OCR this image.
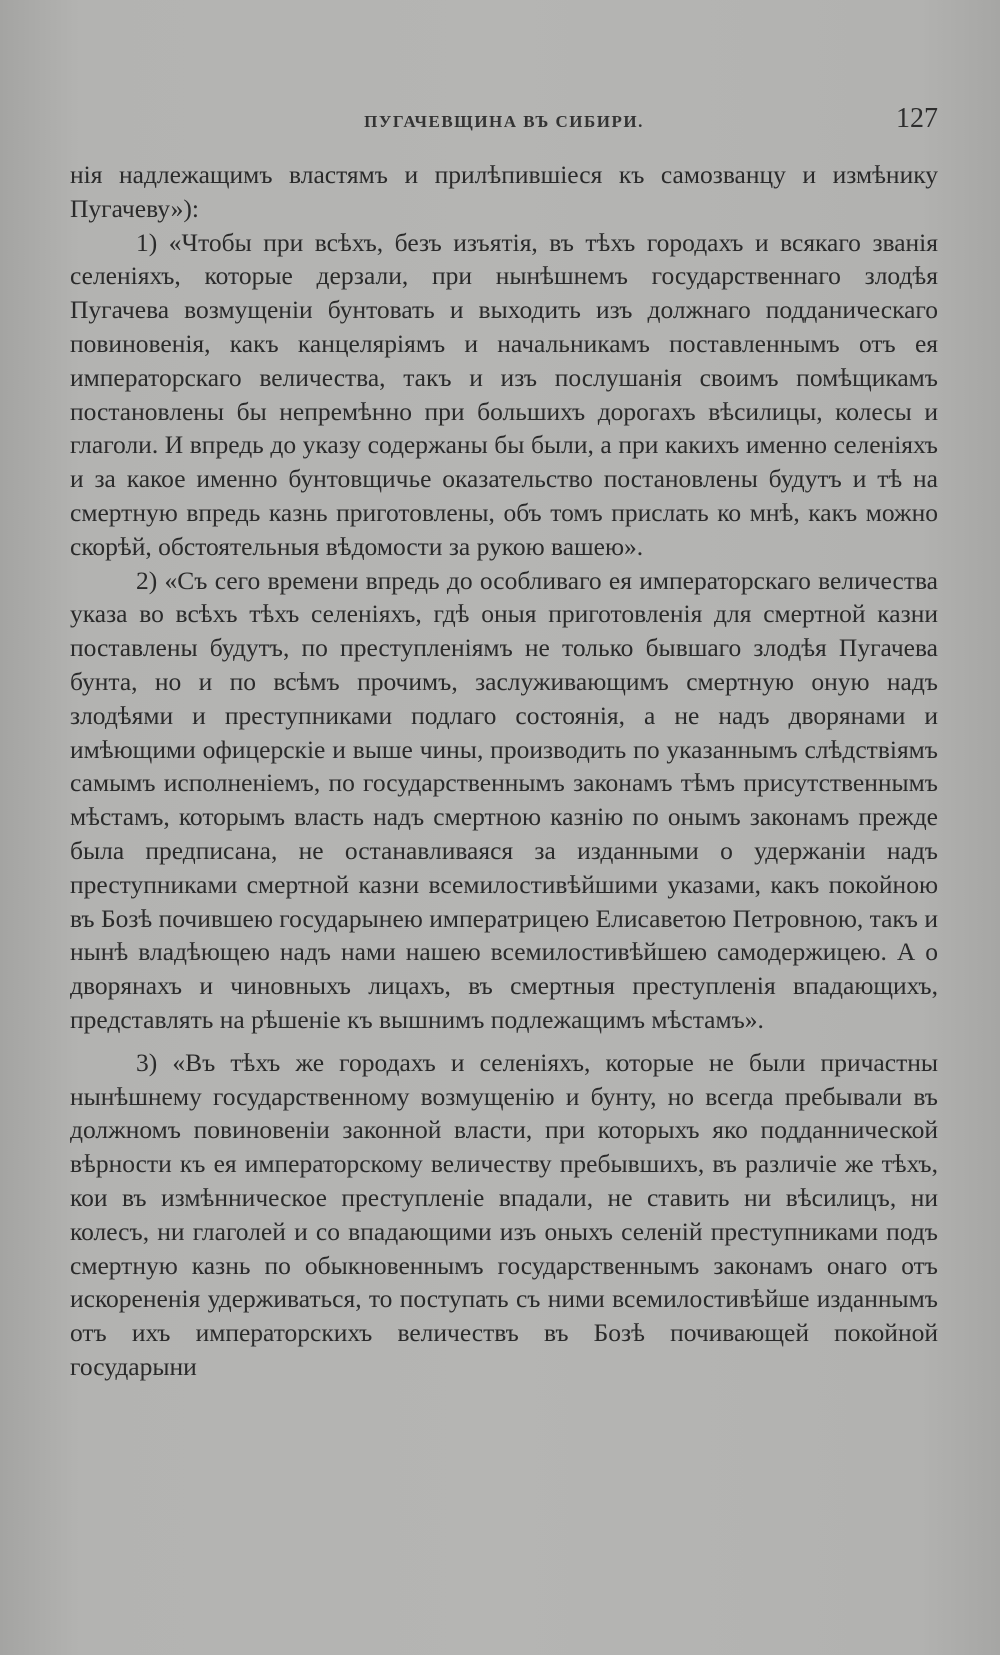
ПУГАЧЕВЩИНА ВЪ СИБИРИ.	127

нія надлежащимъ властямъ и прилѣпившіеся къ самозванцу и измѣнику Пугачеву»):

1) «Чтобы при всѣхъ, безъ изъятія, въ тѣхъ городахъ и всякаго званія селеніяхъ, которые дерзали, при нынѣшнемъ государственнаго злодѣя Пугачева возмущеніи бунтовать и выходить изъ должнаго подданическаго повиновенія, какъ канцеляріямъ и начальникамъ поставленнымъ отъ ея императорскаго величества, такъ и изъ послушанія своимъ помѣщикамъ постановлены бы непремѣнно при большихъ дорогахъ вѣсилицы, колесы и глаголи. И впредь до указу содержаны бы были, а при какихъ именно селеніяхъ и за какое именно бунтовщичье оказательство постановлены будутъ и тѣ на смертную впредь казнь приготовлены, объ томъ прислать ко мнѣ, какъ можно скорѣй, обстоятельныя вѣдомости за рукою вашею».

2) «Съ сего времени впредь до особливаго ея императорскаго величества указа во всѣхъ тѣхъ селеніяхъ, гдѣ оныя приготовленія для смертной казни поставлены будутъ, по преступленіямъ не только бывшаго злодѣя Пугачева бунта, но и по всѣмъ прочимъ, заслуживающимъ смертную оную надъ злодѣями и преступниками подлаго состоянія, а не надъ дворянами и имѣющими офицерскіе и выше чины, производить по указаннымъ слѣдствіямъ самымъ исполненіемъ, по государственнымъ законамъ тѣмъ присутственнымъ мѣстамъ, которымъ власть надъ смертною казнію по онымъ законамъ прежде была предписана, не останавливаяся за изданными о удержаніи надъ преступниками смертной казни всемилостивѣйшими указами, какъ покойною въ Бозѣ почившею государынею императрицею Елисаветою Петровною, такъ и нынѣ владѣющею надъ нами нашею всемилостивѣйшею самодержицею. А о дворянахъ и чиновныхъ лицахъ, въ смертныя преступленія впадающихъ, представлять на рѣшеніе къ вышнимъ подлежащимъ мѣстамъ».

3) «Въ тѣхъ же городахъ и селеніяхъ, которые не были причастны нынѣшнему государственному возмущенію и бунту, но всегда пребывали въ должномъ повиновеніи законной власти, при которыхъ яко подданнической вѣрности къ ея императорскому величеству пребывшихъ, въ различіе же тѣхъ, кои въ измѣнническое преступленіе впадали, не ставить ни вѣсилицъ, ни колесъ, ни глаголей и со впадающими изъ оныхъ селеній преступниками подъ смертную казнь по обыкновеннымъ государственнымъ законамъ онаго отъ искорененія удерживаться, то поступать съ ними всемилостивѣйше изданнымъ отъ ихъ императорскихъ величествъ въ Бозѣ почивающей покойной государыни
